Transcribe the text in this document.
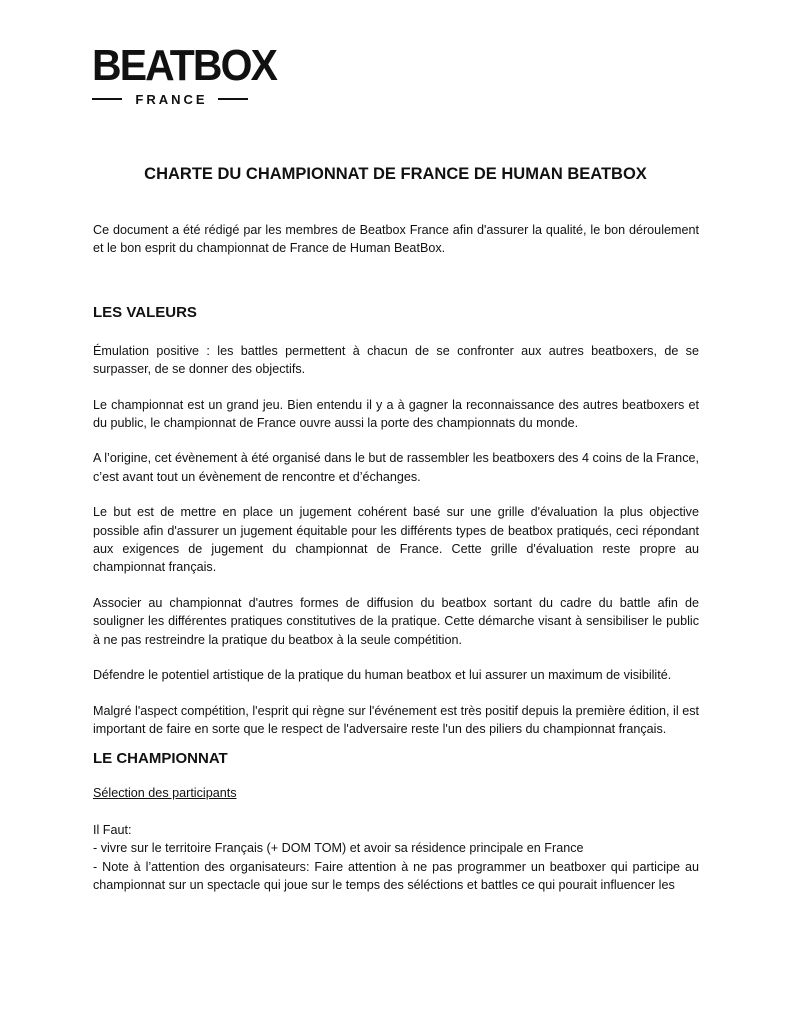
BEATBOX
FRANCE
CHARTE DU CHAMPIONNAT DE FRANCE DE HUMAN BEATBOX

Ce document a été rédigé par les membres de Beatbox France afin d'assurer la qualité, le bon déroulement et le bon esprit du championnat de France de Human BeatBox.

LES VALEURS

Émulation positive : les battles permettent à chacun de se confronter aux autres beatboxers, de se surpasser, de se donner des objectifs.

Le championnat est un grand jeu. Bien entendu il y a à gagner la reconnaissance des autres beatboxers et du public, le championnat de France ouvre aussi la porte des championnats du monde.

A l’origine, cet évènement à été organisé dans le but de rassembler les beatboxers des 4 coins de la France, c’est avant tout un évènement de rencontre et d’échanges.

Le but est de mettre en place un jugement cohérent basé sur une grille d'évaluation la plus objective possible afin d'assurer un jugement équitable pour les différents types de beatbox pratiqués, ceci répondant aux exigences de jugement du championnat de France. Cette grille d'évaluation reste propre au championnat français.

Associer au championnat d'autres formes de diffusion du beatbox sortant du cadre du battle afin de souligner les différentes pratiques constitutives de la pratique. Cette démarche visant à sensibiliser le public à ne pas restreindre la pratique du beatbox à la seule compétition.

Défendre le potentiel artistique de la pratique du human beatbox et lui assurer un maximum de visibilité.

Malgré l'aspect compétition, l'esprit qui règne sur l'événement est très positif depuis la première édition, il est important de faire en sorte que le respect de l'adversaire reste l'un des piliers du championnat français.

LE CHAMPIONNAT

Sélection des participants

Il Faut:

- vivre sur le territoire Français (+ DOM TOM) et avoir sa résidence principale en France

- Note à l’attention des organisateurs: Faire attention à ne pas programmer un beatboxer qui participe au championnat sur un spectacle qui joue sur le temps des séléctions et battles ce qui pourait influencer les
